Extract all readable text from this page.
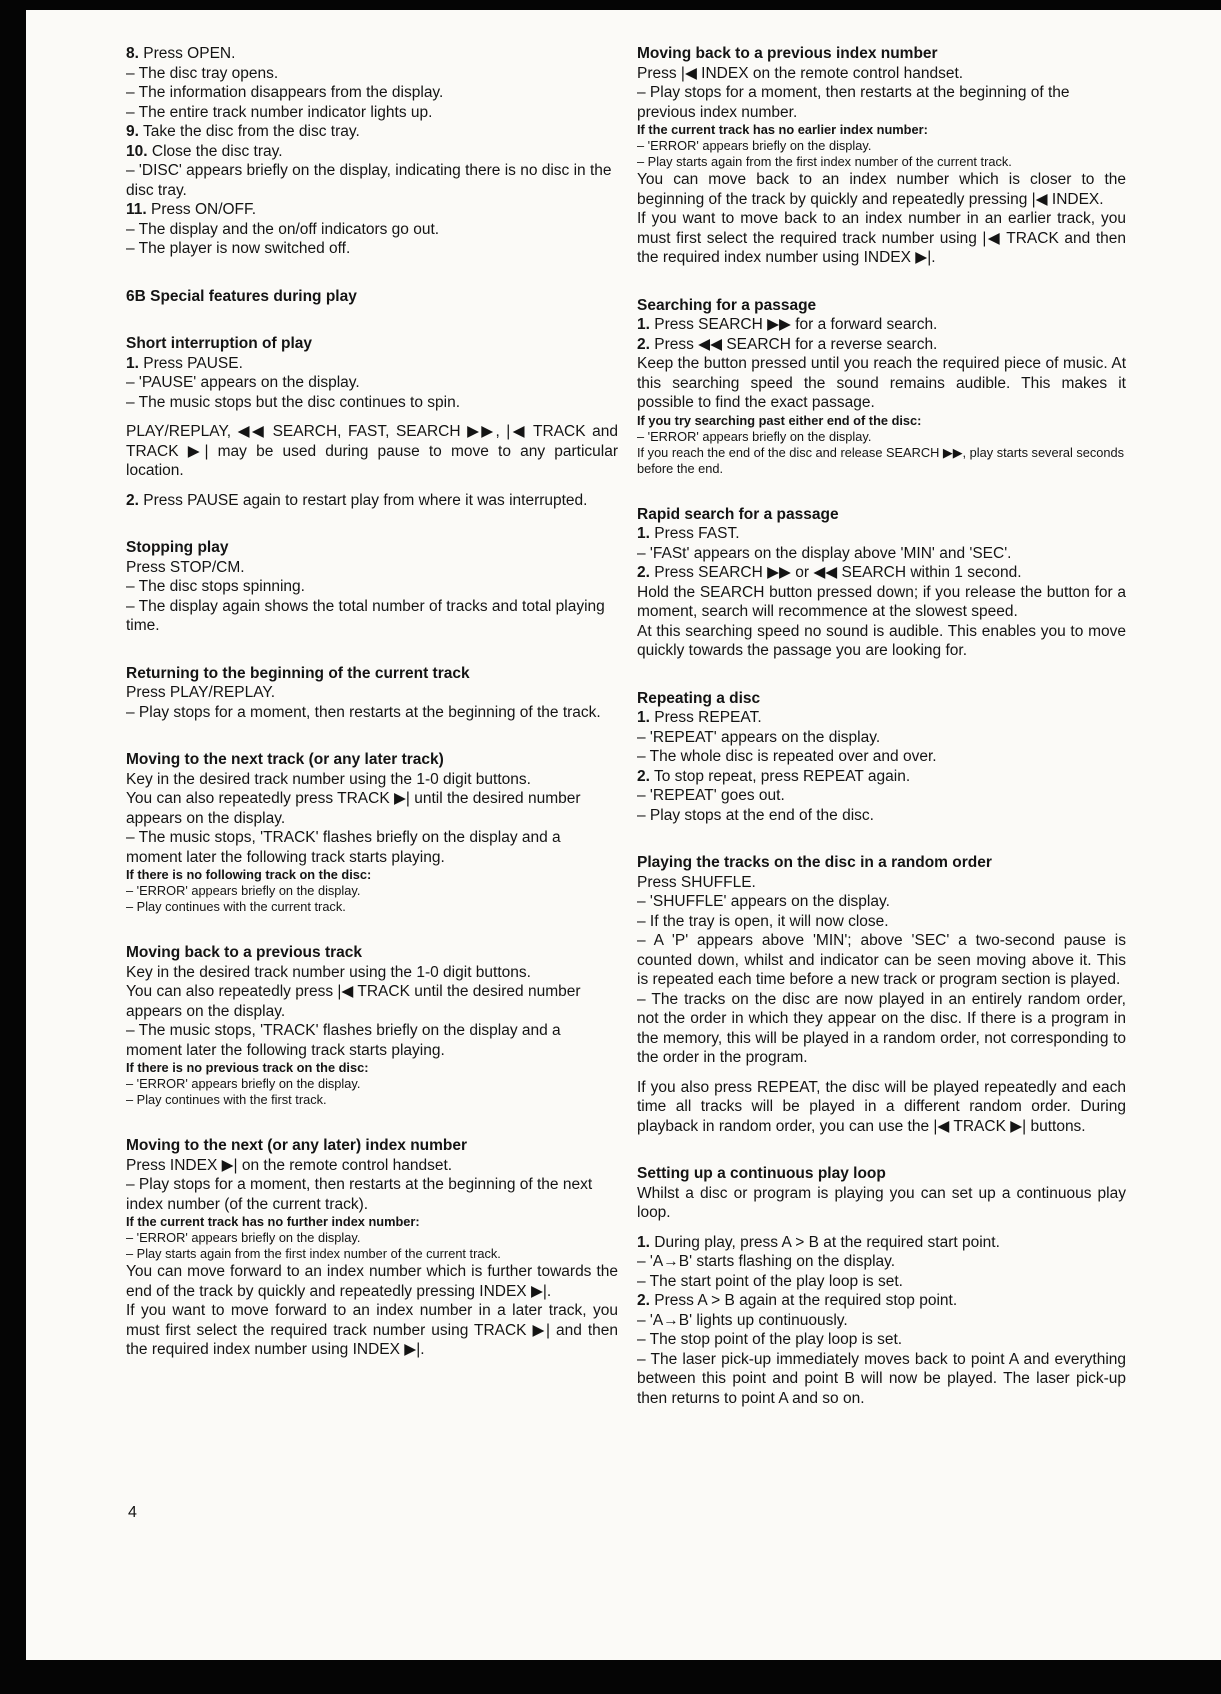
8. Press OPEN.
– The disc tray opens.
– The information disappears from the display.
– The entire track number indicator lights up.
9. Take the disc from the disc tray.
10. Close the disc tray.
– 'DISC' appears briefly on the display, indicating there is no disc in the disc tray.
11. Press ON/OFF.
– The display and the on/off indicators go out.
– The player is now switched off.
6B Special features during play
Short interruption of play
1. Press PAUSE.
– 'PAUSE' appears on the display.
– The music stops but the disc continues to spin.
PLAY/REPLAY, ◀◀ SEARCH, FAST, SEARCH ▶▶, |◀ TRACK and TRACK ▶| may be used during pause to move to any particular location.
2. Press PAUSE again to restart play from where it was interrupted.
Stopping play
Press STOP/CM.
– The disc stops spinning.
– The display again shows the total number of tracks and total playing time.
Returning to the beginning of the current track
Press PLAY/REPLAY.
– Play stops for a moment, then restarts at the beginning of the track.
Moving to the next track (or any later track)
Key in the desired track number using the 1-0 digit buttons.
You can also repeatedly press TRACK ▶| until the desired number appears on the display.
– The music stops, 'TRACK' flashes briefly on the display and a moment later the following track starts playing.
If there is no following track on the disc:
– 'ERROR' appears briefly on the display.
– Play continues with the current track.
Moving back to a previous track
Key in the desired track number using the 1-0 digit buttons.
You can also repeatedly press |◀ TRACK until the desired number appears on the display.
– The music stops, 'TRACK' flashes briefly on the display and a moment later the following track starts playing.
If there is no previous track on the disc:
– 'ERROR' appears briefly on the display.
– Play continues with the first track.
Moving to the next (or any later) index number
Press INDEX ▶| on the remote control handset.
– Play stops for a moment, then restarts at the beginning of the next index number (of the current track).
If the current track has no further index number:
– 'ERROR' appears briefly on the display.
– Play starts again from the first index number of the current track.
You can move forward to an index number which is further towards the end of the track by quickly and repeatedly pressing INDEX ▶|.
If you want to move forward to an index number in a later track, you must first select the required track number using TRACK ▶| and then the required index number using INDEX ▶|.
Moving back to a previous index number
Press |◀ INDEX on the remote control handset.
– Play stops for a moment, then restarts at the beginning of the previous index number.
If the current track has no earlier index number:
– 'ERROR' appears briefly on the display.
– Play starts again from the first index number of the current track.
You can move back to an index number which is closer to the beginning of the track by quickly and repeatedly pressing |◀ INDEX.
If you want to move back to an index number in an earlier track, you must first select the required track number using |◀ TRACK and then the required index number using INDEX ▶|.
Searching for a passage
1. Press SEARCH ▶▶ for a forward search.
2. Press ◀◀ SEARCH for a reverse search.
Keep the button pressed until you reach the required piece of music. At this searching speed the sound remains audible. This makes it possible to find the exact passage.
If you try searching past either end of the disc:
– 'ERROR' appears briefly on the display.
If you reach the end of the disc and release SEARCH ▶▶, play starts several seconds before the end.
Rapid search for a passage
1. Press FAST.
– 'FASt' appears on the display above 'MIN' and 'SEC'.
2. Press SEARCH ▶▶ or ◀◀ SEARCH within 1 second.
Hold the SEARCH button pressed down; if you release the button for a moment, search will recommence at the slowest speed.
At this searching speed no sound is audible. This enables you to move quickly towards the passage you are looking for.
Repeating a disc
1. Press REPEAT.
– 'REPEAT' appears on the display.
– The whole disc is repeated over and over.
2. To stop repeat, press REPEAT again.
– 'REPEAT' goes out.
– Play stops at the end of the disc.
Playing the tracks on the disc in a random order
Press SHUFFLE.
– 'SHUFFLE' appears on the display.
– If the tray is open, it will now close.
– A 'P' appears above 'MIN'; above 'SEC' a two-second pause is counted down, whilst and indicator can be seen moving above it. This is repeated each time before a new track or program section is played.
– The tracks on the disc are now played in an entirely random order, not the order in which they appear on the disc. If there is a program in the memory, this will be played in a random order, not corresponding to the order in the program.
If you also press REPEAT, the disc will be played repeatedly and each time all tracks will be played in a different random order. During playback in random order, you can use the |◀ TRACK ▶| buttons.
Setting up a continuous play loop
Whilst a disc or program is playing you can set up a continuous play loop.
1. During play, press A > B at the required start point.
– 'A→B' starts flashing on the display.
– The start point of the play loop is set.
2. Press A > B again at the required stop point.
– 'A→B' lights up continuously.
– The stop point of the play loop is set.
– The laser pick-up immediately moves back to point A and everything between this point and point B will now be played. The laser pick-up then returns to point A and so on.
4
